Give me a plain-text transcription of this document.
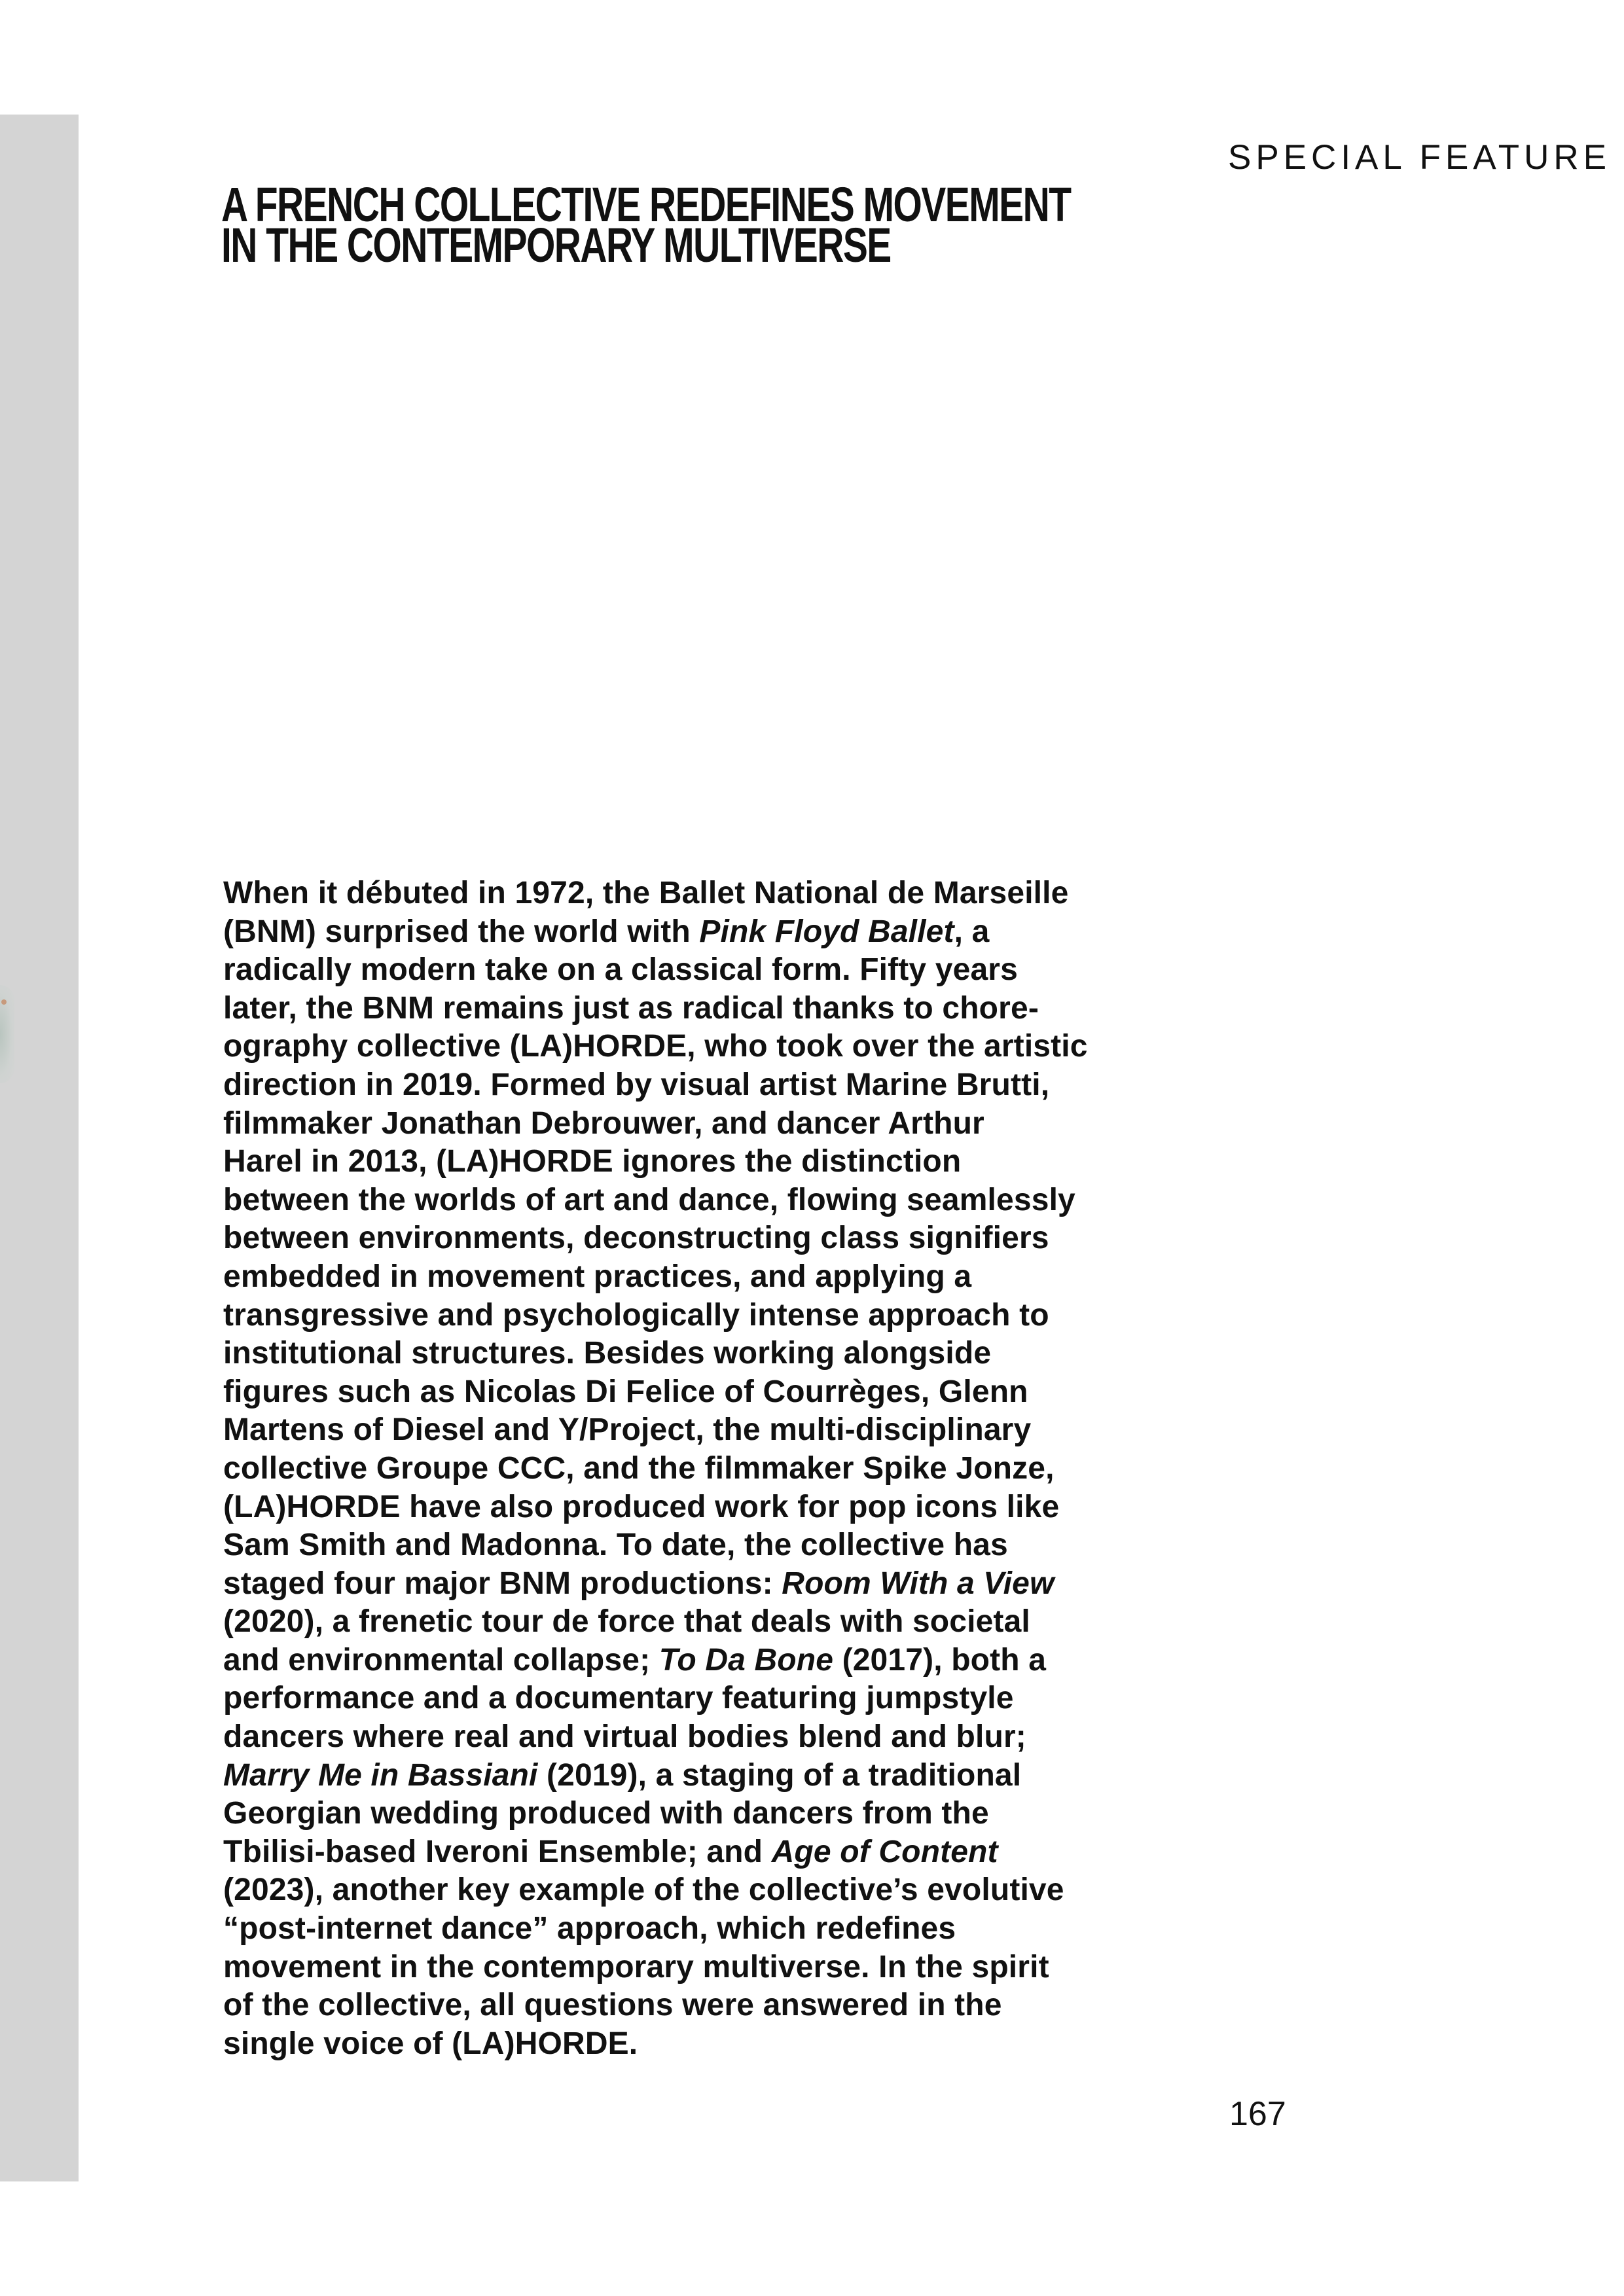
SPECIAL FEATURE

A FRENCH COLLECTIVE REDEFINES MOVEMENT
IN THE CONTEMPORARY MULTIVERSE

When it débuted in 1972, the Ballet National de Marseille
(BNM) surprised the world with Pink Floyd Ballet, a
radically modern take on a classical form. Fifty years
later, the BNM remains just as radical thanks to chore-
ography collective (LA)HORDE, who took over the artistic
direction in 2019. Formed by visual artist Marine Brutti,
filmmaker Jonathan Debrouwer, and dancer Arthur
Harel in 2013, (LA)HORDE ignores the distinction
between the worlds of art and dance, flowing seamlessly
between environments, deconstructing class signifiers
embedded in movement practices, and applying a
transgressive and psychologically intense approach to
institutional structures. Besides working alongside
figures such as Nicolas Di Felice of Courrèges, Glenn
Martens of Diesel and Y/Project, the multi-disciplinary
collective Groupe CCC, and the filmmaker Spike Jonze,
(LA)HORDE have also produced work for pop icons like
Sam Smith and Madonna. To date, the collective has
staged four major BNM productions: Room With a View
(2020), a frenetic tour de force that deals with societal
and environmental collapse; To Da Bone (2017), both a
performance and a documentary featuring jumpstyle
dancers where real and virtual bodies blend and blur;
Marry Me in Bassiani (2019), a staging of a traditional
Georgian wedding produced with dancers from the
Tbilisi-based Iveroni Ensemble; and Age of Content
(2023), another key example of the collective’s evolutive
“post-internet dance” approach, which redefines
movement in the contemporary multiverse. In the spirit
of the collective, all questions were answered in the
single voice of (LA)HORDE.

167
